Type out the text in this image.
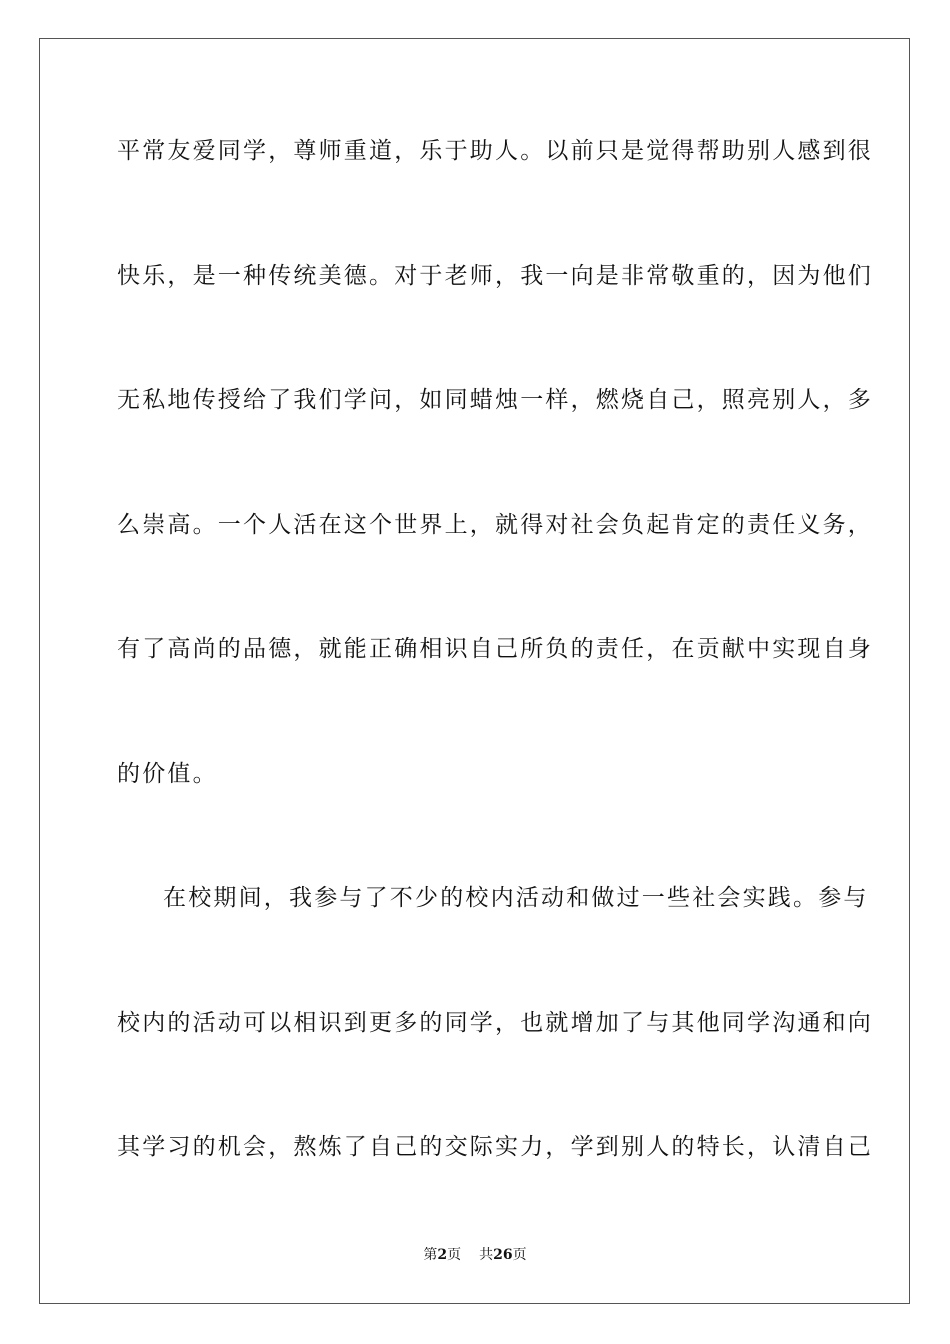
平常友爱同学，尊师重道，乐于助人。以前只是觉得帮助别人感到很
快乐，是一种传统美德。对于老师，我一向是非常敬重的，因为他们
无私地传授给了我们学问，如同蜡烛一样，燃烧自己，照亮别人，多
么崇高。一个人活在这个世界上，就得对社会负起肯定的责任义务，
有了高尚的品德，就能正确相识自己所负的责任，在贡献中实现自身
的价值。
在校期间，我参与了不少的校内活动和做过一些社会实践。参与
校内的活动可以相识到更多的同学，也就增加了与其他同学沟通和向
其学习的机会，熬炼了自己的交际实力，学到别人的特长，认清自己
第2页 共26页
